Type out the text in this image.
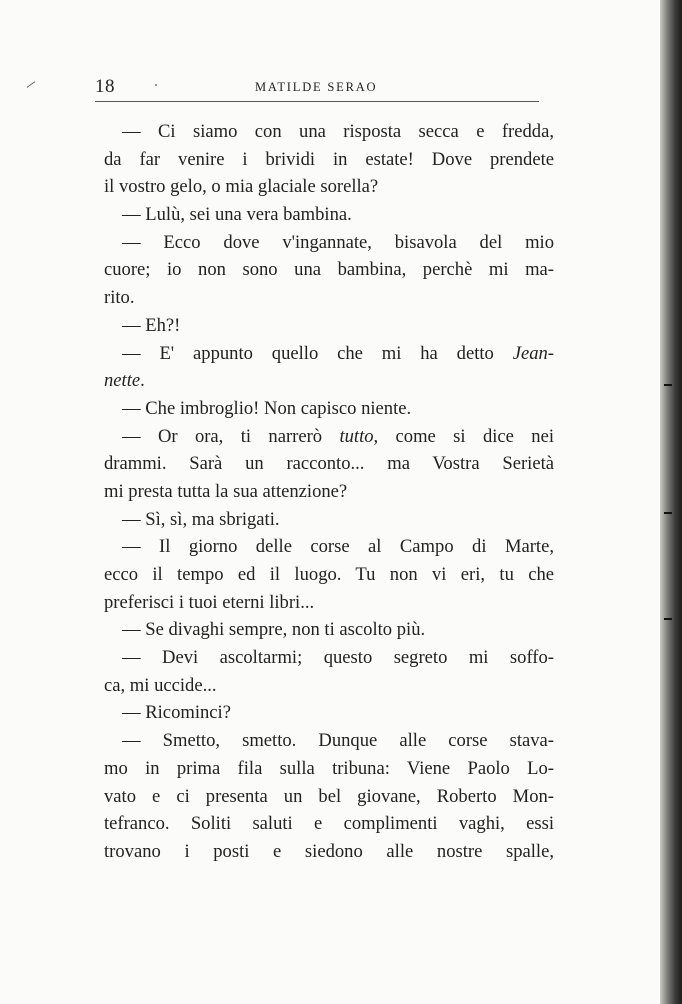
18	MATILDE SERAO
— Ci siamo con una risposta secca e fredda,
da far venire i brividi in estate! Dove prendete
il vostro gelo, o mia glaciale sorella?
— Lulù, sei una vera bambina.
— Ecco dove v'ingannate, bisavola del mio
cuore; io non sono una bambina, perchè mi ma-
rito.
— Eh?!
— E' appunto quello che mi ha detto Jean-
nette.
— Che imbroglio! Non capisco niente.
— Or ora, ti narrerò tutto, come si dice nei
drammi. Sarà un racconto... ma Vostra Serietà
mi presta tutta la sua attenzione?
— Sì, sì, ma sbrigati.
— Il giorno delle corse al Campo di Marte,
ecco il tempo ed il luogo. Tu non vi eri, tu che
preferisci i tuoi eterni libri...
— Se divaghi sempre, non ti ascolto più.
— Devi ascoltarmi; questo segreto mi soffo-
ca, mi uccide...
— Ricominci?
— Smetto, smetto. Dunque alle corse stava-
mo in prima fila sulla tribuna: Viene Paolo Lo-
vato e ci presenta un bel giovane, Roberto Mon-
tefranco. Soliti saluti e complimenti vaghi, essi
trovano i posti e siedono alle nostre spalle,
